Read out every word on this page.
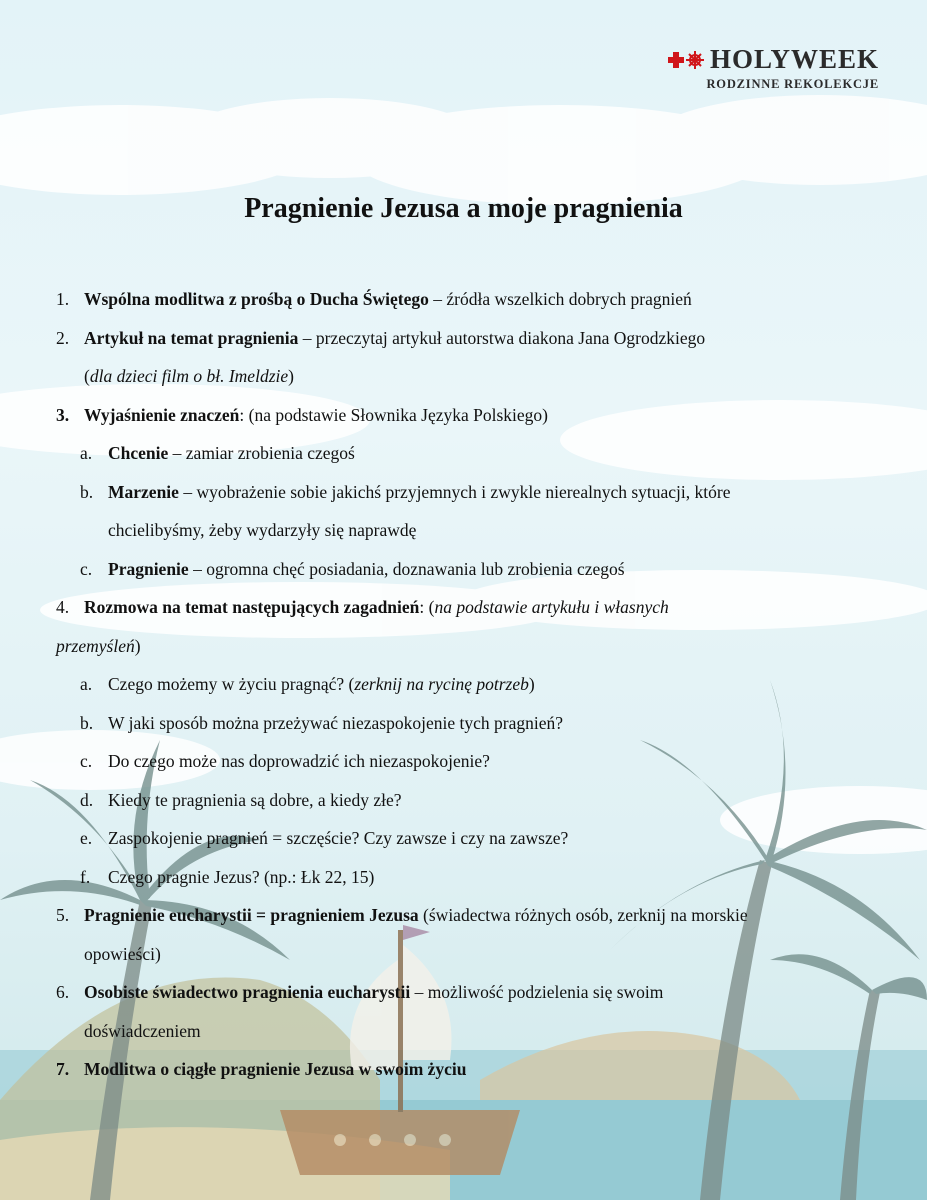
HOLYWEEK
RODZINNE REKOLEKCJE
Pragnienie Jezusa a moje pragnienia
1. Wspólna modlitwa z prośbą o Ducha Świętego – źródła wszelkich dobrych pragnień
2. Artykuł na temat pragnienia – przeczytaj artykuł autorstwa diakona Jana Ogrodzkiego
(dla dzieci film o bł. Imeldzie)
3. Wyjaśnienie znaczeń: (na podstawie Słownika Języka Polskiego)
a. Chcenie – zamiar zrobienia czegoś
b. Marzenie – wyobrażenie sobie jakichś przyjemnych i zwykle nierealnych sytuacji, które
chcielibyśmy, żeby wydarzyły się naprawdę
c. Pragnienie – ogromna chęć posiadania, doznawania lub zrobienia czegoś
4. Rozmowa na temat następujących zagadnień: (na podstawie artykułu i własnych
przemyśleń)
a. Czego możemy w życiu pragnąć? (zerknij na rycinę potrzeb)
b. W jaki sposób można przeżywać niezaspokojenie tych pragnień?
c. Do czego może nas doprowadzić ich niezaspokojenie?
d. Kiedy te pragnienia są dobre, a kiedy złe?
e. Zaspokojenie pragnień = szczęście? Czy zawsze i czy na zawsze?
f. Czego pragnie Jezus? (np.: Łk 22, 15)
5. Pragnienie eucharystii = pragnieniem Jezusa (świadectwa różnych osób, zerknij na morskie
opowieści)
6. Osobiste świadectwo pragnienia eucharystii – możliwość podzielenia się swoim
doświadczeniem
7. Modlitwa o ciągłe pragnienie Jezusa w swoim życiu
